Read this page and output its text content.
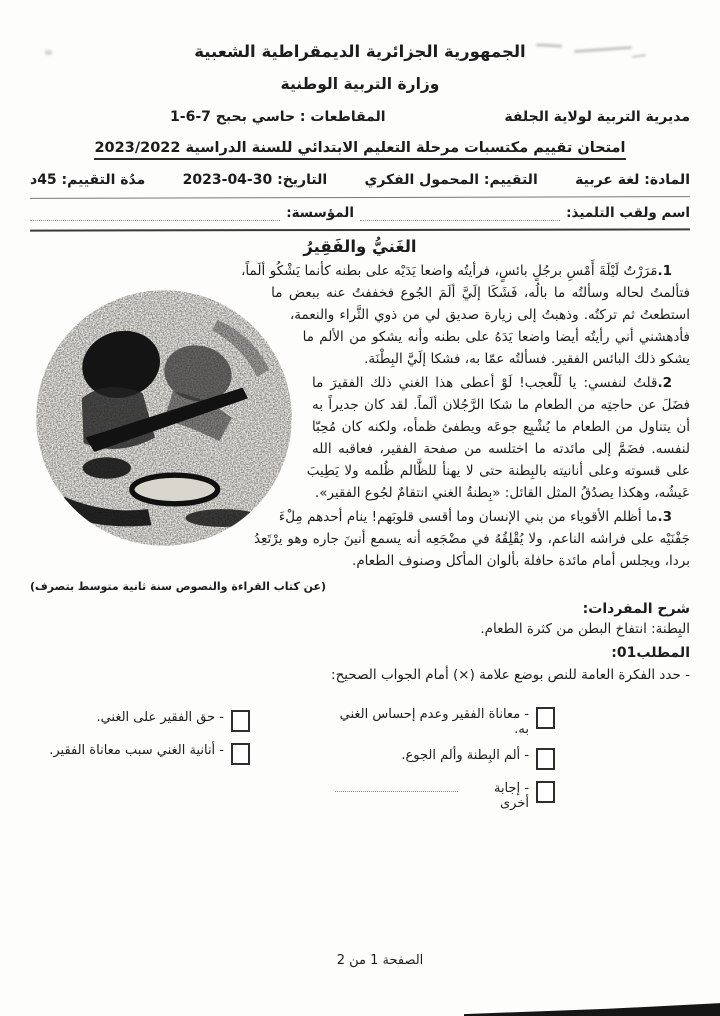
الجمهورية الجزائرية الديمقراطية الشعبية
وزارة التربية الوطنية
مديرية التربية لولاية الجلفة
المقاطعات : حاسي بحبح 7-6-1
امتحان تقييم مكتسبات مرحلة التعليم الابتدائي للسنة الدراسية 2023/2022
المادة: لغة عربية
التقييم: المحمول الفكري
التاريخ: 30-04-2023
مدُة التقييم: 45د
اسم ولقب التلميذ:
المؤسسة:
الغَنيُّ والفَقِيرُ

1.مَرَرْتُ لَيْلَةَ أَمْسِ برجُلٍ بائسٍ، فرأيتُه واضعا يَدَيْه على بطنه كأنما يَشْكُو ألَماً، فتألمتُ لحاله وسألتُه ما بالُه، فَشَكَا إلَيَّ ألَمَ الجُوع فخففتُ عنه ببعض ما استطعتُ ثم تركتُه. وذهبتُ إلى زيارة صديق لي من ذوي الثَّراء والنعمة، فأدهشني أني رأيتُه أيضا واضعا يَدَهُ على بطنه وأنه يشكو من الألم ما يشكو ذلك البائس الفقير. فسألتُه عمّا به، فشكا إلَيَّ البِطْنَة.

2.قلتُ لنفسي: يا لَلْعجب! لَوْ أعطى هذا الغني ذلك الفقيرَ ما فضَلَ عن حاجتِه من الطعام ما شكا الرَّجُلان ألَماً. لقد كان جديراً به أن يتناول من الطعام ما يُشْبِع جوعَه ويطفئ ظمأه، ولكنه كان مُحِبّا لنفسه. فضَمَّ إلى مائدته ما اختلسه من صفحة الفقير، فعاقبه الله على قسوته وعلى أنانيته بالبِطنة حتى لا يهنأ للظَّالم ظُلمه ولا يَطِيبَ عَيشُه، وهكذا يصدُقُ المثل القائل: «بِطنةُ الغني انتقامٌ لجُوع الفقير».

3.ما أظلم الأقوياء من بني الإنسان وما أقسى قلوبَهم! ينام أحدهم مِلْءَ جَفْنَيْه على فراشه الناعم، ولا يُقْلِقُهُ في مضْجَعِه أنه يسمع أنينَ جاره وهو يرْتَعِدُ بردا، ويجلس أمام مائدة حافلة بألوان المأكل وصنوف الطعام.

(عن كتاب القراءة والنصوص سنة ثانية متوسط بتصرف)
شرح المفردات:
البِطنة: انتفاخ البطن من كثرة الطعام.
المطلب01:
- حدد الفكرة العامة للنص بوضع علامة (×) أمام الجواب الصحيح:
- معاناة الفقير وعدم إحساس الغني به.
- ألم البِطنة وألم الجوع.
- إجابة أخرى
- حق الفقير على الغني.
- أنانية الغني سبب معاناة الفقير.
الصفحة 1 من 2
